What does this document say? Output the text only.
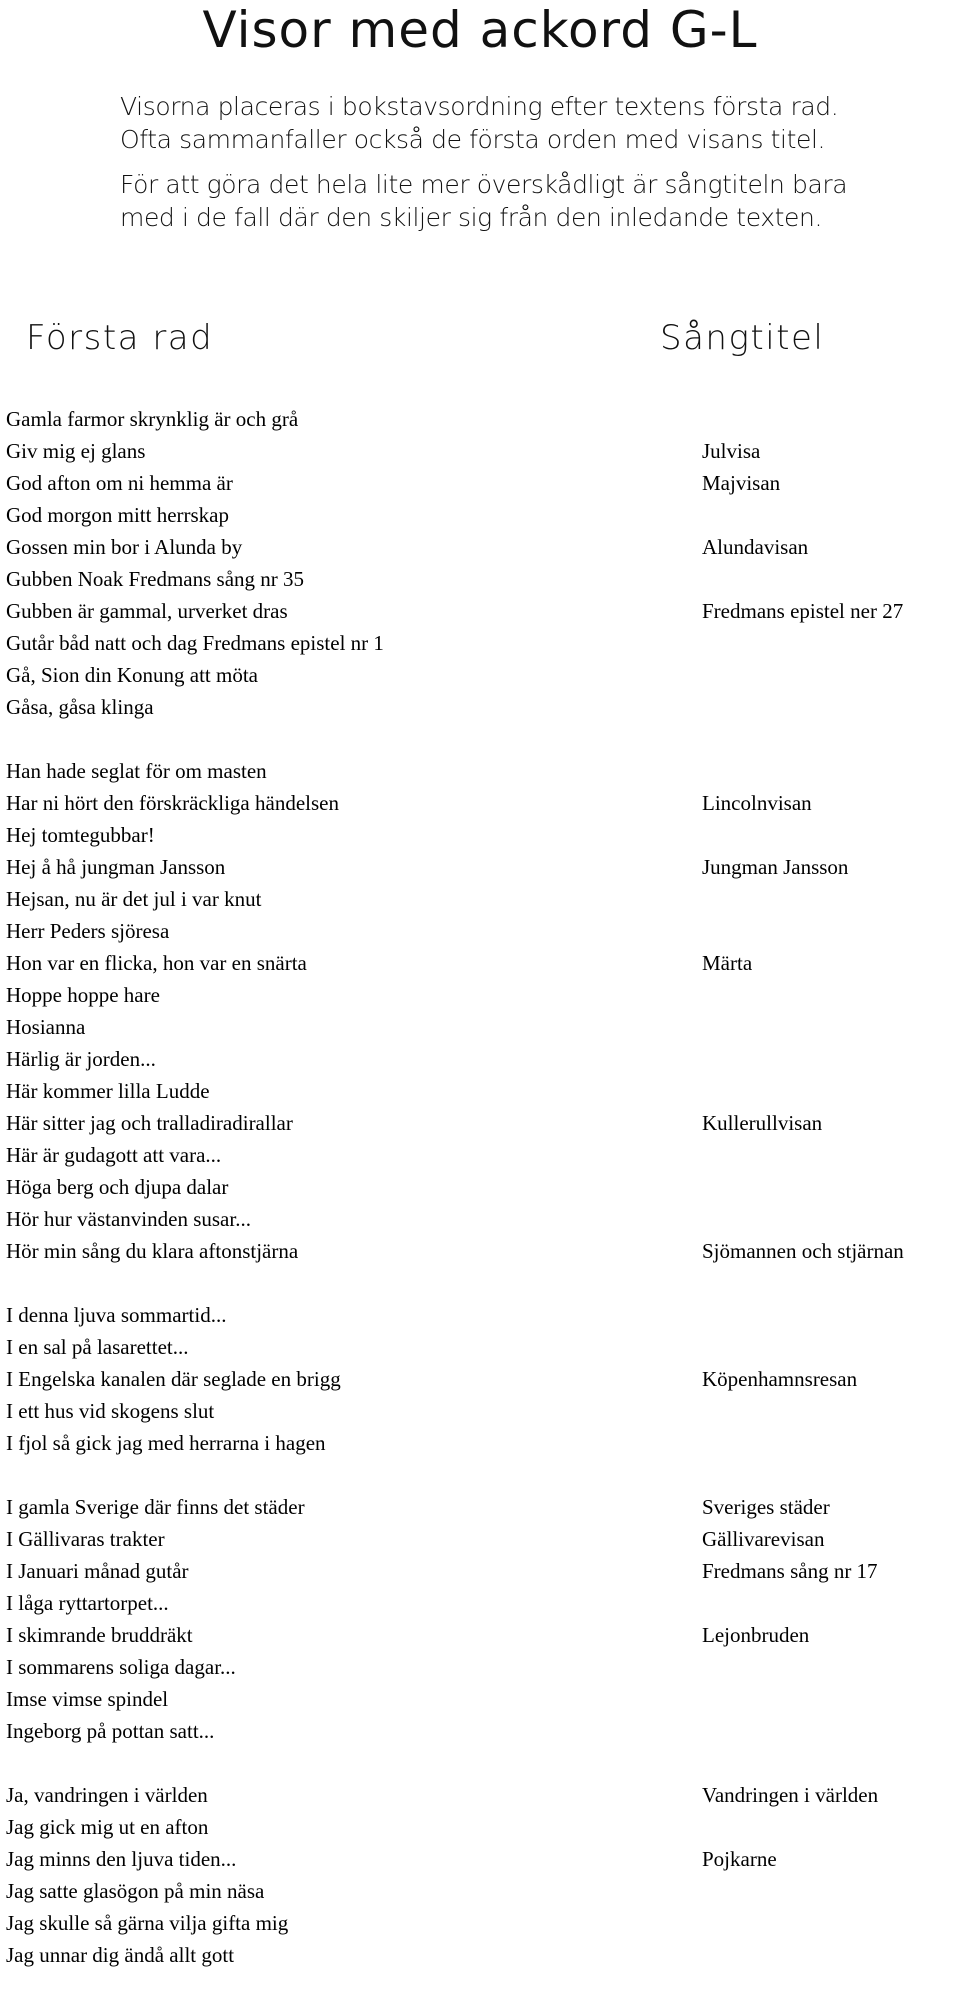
Visor med ackord G-L

Visorna placeras i bokstavsordning efter textens första rad.
Ofta sammanfaller också de första orden med visans titel.

För att göra det hela lite mer överskådligt är sångtiteln bara
med i de fall där den skiljer sig från den inledande texten.

Första rad	Sångtitel
Gamla farmor skrynklig är och grå
Giv mig ej glans	Julvisa
God afton om ni hemma är	Majvisan
God morgon mitt herrskap
Gossen min bor i Alunda by	Alundavisan
Gubben Noak Fredmans sång nr 35
Gubben är gammal, urverket dras	Fredmans epistel ner 27
Gutår båd natt och dag Fredmans epistel nr 1
Gå, Sion din Konung att möta
Gåsa, gåsa klinga
Han hade seglat för om masten
Har ni hört den förskräckliga händelsen	Lincolnvisan
Hej tomtegubbar!
Hej å hå jungman Jansson	Jungman Jansson
Hejsan, nu är det jul i var knut
Herr Peders sjöresa
Hon var en flicka, hon var en snärta	Märta
Hoppe hoppe hare
Hosianna
Härlig är jorden...
Här kommer lilla Ludde
Här sitter jag och tralladiradirallar	Kullerullvisan
Här är gudagott att vara...
Höga berg och djupa dalar
Hör hur västanvinden susar...
Hör min sång du klara aftonstjärna	Sjömannen och stjärnan
I denna ljuva sommartid...
I en sal på lasarettet...
I Engelska kanalen där seglade en brigg	Köpenhamnsresan
I ett hus vid skogens slut
I fjol så gick jag med herrarna i hagen
I gamla Sverige där finns det städer	Sveriges städer
I Gällivaras trakter	Gällivarevisan
I Januari månad gutår	Fredmans sång nr 17
I låga ryttartorpet...
I skimrande bruddräkt	Lejonbruden
I sommarens soliga dagar...
Imse vimse spindel
Ingeborg på pottan satt...
Ja, vandringen i världen	Vandringen i världen
Jag gick mig ut en afton
Jag minns den ljuva tiden...	Pojkarne
Jag satte glasögon på min näsa
Jag skulle så gärna vilja gifta mig
Jag unnar dig ändå allt gott
